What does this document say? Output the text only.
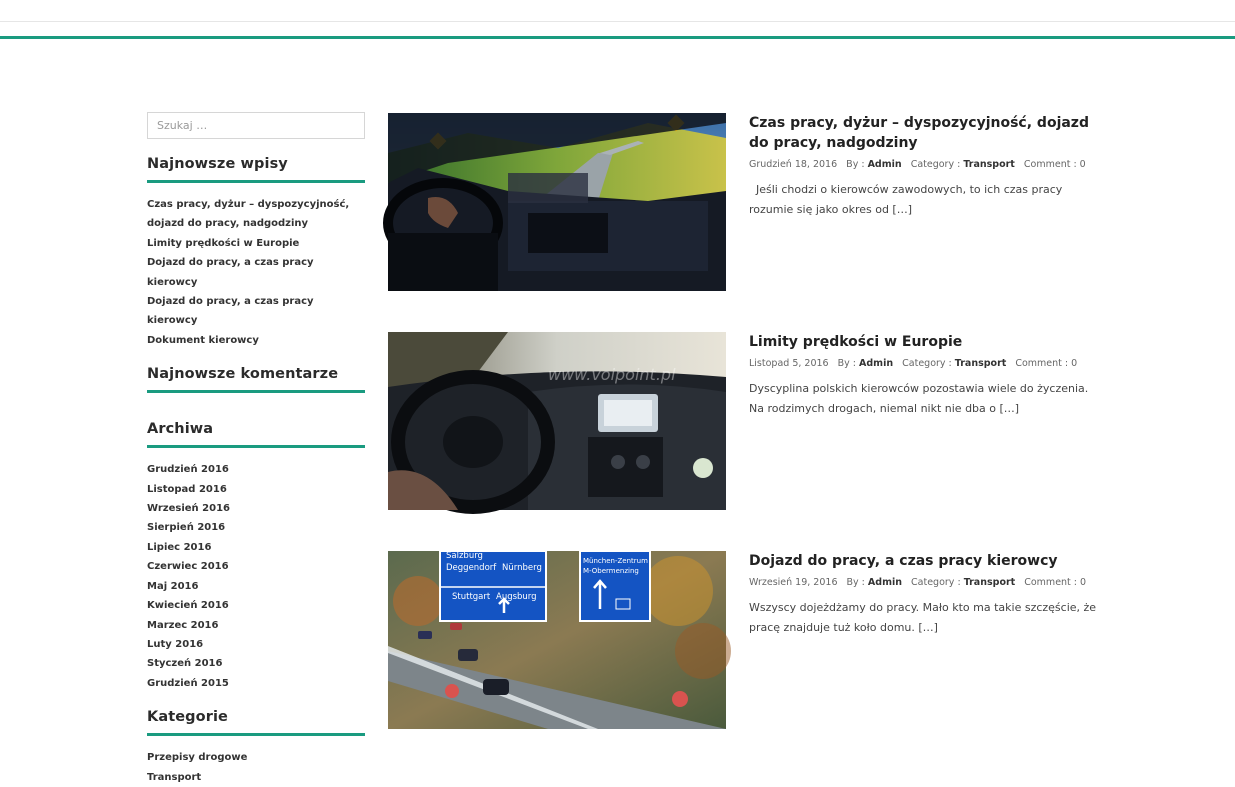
Szukaj …
Najnowsze wpisy
Czas pracy, dyżur – dyspozycyjność, dojazd do pracy, nadgodziny
Limity prędkości w Europie
Dojazd do pracy, a czas pracy kierowcy
Dojazd do pracy, a czas pracy kierowcy
Dokument kierowcy
Najnowsze komentarze
Archiwa
Grudzień 2016
Listopad 2016
Wrzesień 2016
Sierpień 2016
Lipiec 2016
Czerwiec 2016
Maj 2016
Kwiecień 2016
Marzec 2016
Luty 2016
Styczeń 2016
Grudzień 2015
Kategorie
Przepisy drogowe
Transport
Czas pracy, dyżur – dyspozycyjność, dojazd do pracy, nadgodziny
Grudzień 18, 2016 By : Admin Category : Transport Comment : 0

Jeśli chodzi o kierowców zawodowych, to ich czas pracy rozumie się jako okres od […]

www.voipoint.pl
Limity prędkości w Europie
Listopad 5, 2016 By : Admin Category : Transport Comment : 0

Dyscyplina polskich kierowców pozostawia wiele do życzenia. Na rodzimych drogach, niemal nikt nie dba o […]

Salzburg
Deggendorf Nürnberg
Stuttgart Augsburg
München-Zentrum
M-Obermenzing
Dojazd do pracy, a czas pracy kierowcy
Wrzesień 19, 2016 By : Admin Category : Transport Comment : 0

Wszyscy dojeżdżamy do pracy. Mało kto ma takie szczęście, że pracę znajduje tuż koło domu. […]
